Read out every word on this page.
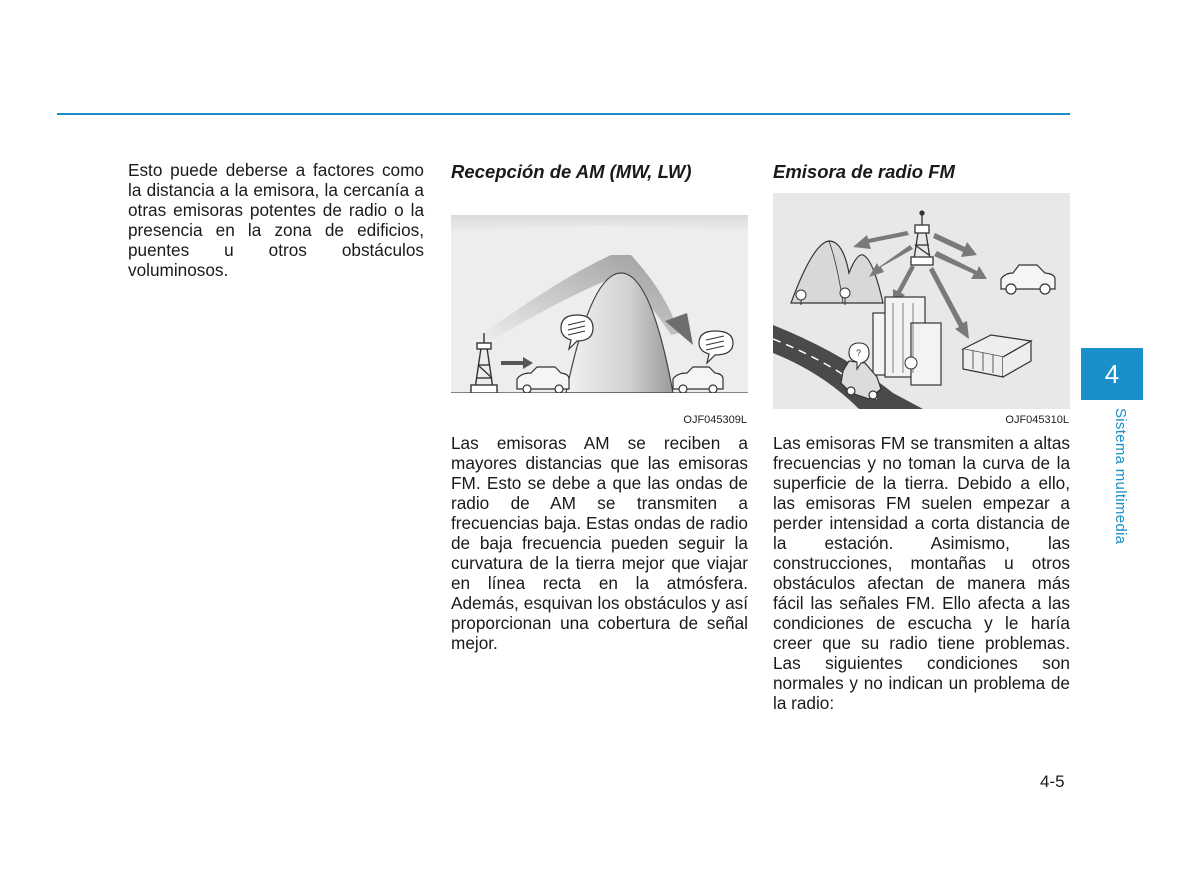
Esto puede deberse a factores como la distancia a la emisora, la cercanía a otras emisoras potentes de radio o la presencia en la zona de edificios, puentes u otros obstáculos voluminosos.

Recepción de AM (MW, LW)
OJF045309L

Las emisoras AM se reciben a mayores distancias que las emisoras FM. Esto se debe a que las ondas de radio de AM se transmiten a frecuencias baja. Estas ondas de radio de baja frecuencia pueden seguir la curvatura de la tierra mejor que viajar en línea recta en la atmósfera. Además, esquivan los obstáculos y así proporcionan una cobertura de señal mejor.

Emisora de radio FM
?
OJF045310L

Las emisoras FM se transmiten a altas frecuencias y no toman la curva de la superficie de la tierra. Debido a ello, las emisoras FM suelen empezar a perder intensidad a corta distancia de la estación. Asimismo, las construcciones, montañas u otros obstáculos afectan de manera más fácil las señales FM. Ello afecta a las condiciones de escucha y le haría creer que su radio tiene problemas. Las siguientes condiciones son normales y no indican un problema de la radio:

4
Sistema multimedia
4-5
